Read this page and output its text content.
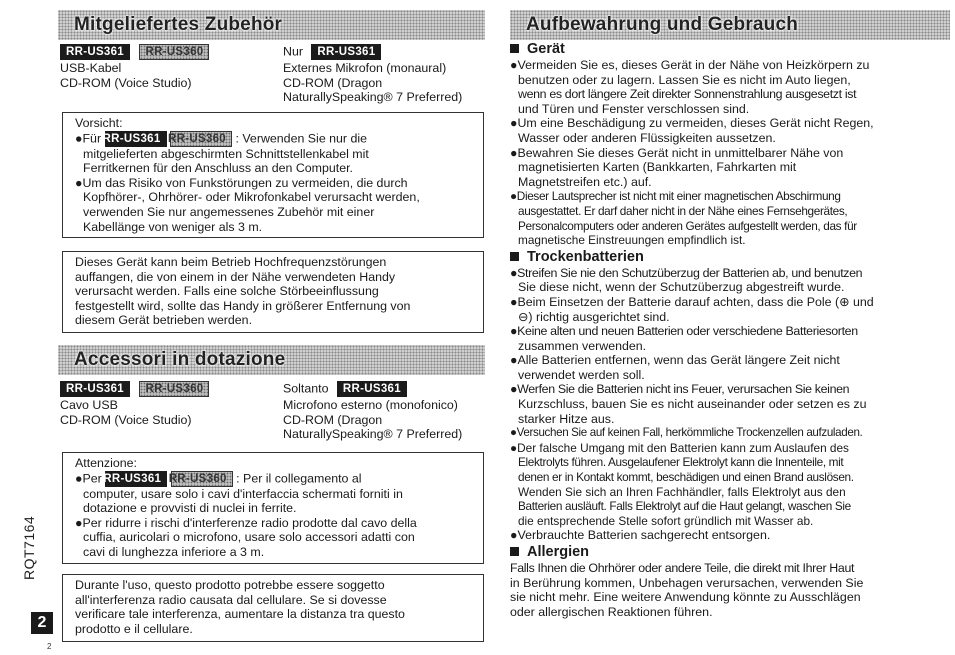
Mitgeliefertes Zubehör
RR-US361 RR-US360
USB-Kabel
CD-ROM (Voice Studio)
Nur RR-US361
Externes Mikrofon (monaural)
CD-ROM (Dragon
NaturallySpeaking® 7 Preferred)
Vorsicht:
●Für RR-US361 RR-US360 : Verwenden Sie nur die
mitgelieferten abgeschirmten Schnittstellenkabel mit
Ferritkernen für den Anschluss an den Computer.
●Um das Risiko von Funkstörungen zu vermeiden, die durch
Kopfhörer-, Ohrhörer- oder Mikrofonkabel verursacht werden,
verwenden Sie nur angemessenes Zubehör mit einer
Kabellänge von weniger als 3 m.
Dieses Gerät kann beim Betrieb Hochfrequenzstörungen
auffangen, die von einem in der Nähe verwendeten Handy
verursacht werden. Falls eine solche Störbeeinflussung
festgestellt wird, sollte das Handy in größerer Entfernung von
diesem Gerät betrieben werden.
Accessori in dotazione
RR-US361 RR-US360
Cavo USB
CD-ROM (Voice Studio)
Soltanto RR-US361
Microfono esterno (monofonico)
CD-ROM (Dragon
NaturallySpeaking® 7 Preferred)
Attenzione:
●Per RR-US361 RR-US360 : Per il collegamento al
computer, usare solo i cavi d'interfaccia schermati forniti in
dotazione e provvisti di nuclei in ferrite.
●Per ridurre i rischi d'interferenze radio prodotte dal cavo della
cuffia, auricolari o microfono, usare solo accessori adatti con
cavi di lunghezza inferiore a 3 m.
Durante l'uso, questo prodotto potrebbe essere soggetto
all'interferenza radio causata dal cellulare. Se si dovesse
verificare tale interferenza, aumentare la distanza tra questo
prodotto e il cellulare.
Aufbewahrung und Gebrauch
Gerät
●Vermeiden Sie es, dieses Gerät in der Nähe von Heizkörpern zu
benutzen oder zu lagern. Lassen Sie es nicht im Auto liegen,
wenn es dort längere Zeit direkter Sonnenstrahlung ausgesetzt ist
und Türen und Fenster verschlossen sind.
●Um eine Beschädigung zu vermeiden, dieses Gerät nicht Regen,
Wasser oder anderen Flüssigkeiten aussetzen.
●Bewahren Sie dieses Gerät nicht in unmittelbarer Nähe von
magnetisierten Karten (Bankkarten, Fahrkarten mit
Magnetstreifen etc.) auf.
●Dieser Lautsprecher ist nicht mit einer magnetischen Abschirmung
ausgestattet. Er darf daher nicht in der Nähe eines Fernsehgerätes,
Personalcomputers oder anderen Gerätes aufgestellt werden, das für
magnetische Einstreuungen empfindlich ist.
Trockenbatterien
●Streifen Sie nie den Schutzüberzug der Batterien ab, und benutzen
Sie diese nicht, wenn der Schutzüberzug abgestreift wurde.
●Beim Einsetzen der Batterie darauf achten, dass die Pole (⊕ und
⊖) richtig ausgerichtet sind.
●Keine alten und neuen Batterien oder verschiedene Batteriesorten
zusammen verwenden.
●Alle Batterien entfernen, wenn das Gerät längere Zeit nicht
verwendet werden soll.
●Werfen Sie die Batterien nicht ins Feuer, verursachen Sie keinen
Kurzschluss, bauen Sie es nicht auseinander oder setzen es zu
starker Hitze aus.
●Versuchen Sie auf keinen Fall, herkömmliche Trockenzellen aufzuladen.
●Der falsche Umgang mit den Batterien kann zum Auslaufen des
Elektrolyts führen. Ausgelaufener Elektrolyt kann die Innenteile, mit
denen er in Kontakt kommt, beschädigen und einen Brand auslösen.
Wenden Sie sich an Ihren Fachhändler, falls Elektrolyt aus den
Batterien ausläuft. Falls Elektrolyt auf die Haut gelangt, waschen Sie
die entsprechende Stelle sofort gründlich mit Wasser ab.
●Verbrauchte Batterien sachgerecht entsorgen.
Allergien
Falls Ihnen die Ohrhörer oder andere Teile, die direkt mit Ihrer Haut
in Berührung kommen, Unbehagen verursachen, verwenden Sie
sie nicht mehr. Eine weitere Anwendung könnte zu Ausschlägen
oder allergischen Reaktionen führen.
RQT7164
2
2
